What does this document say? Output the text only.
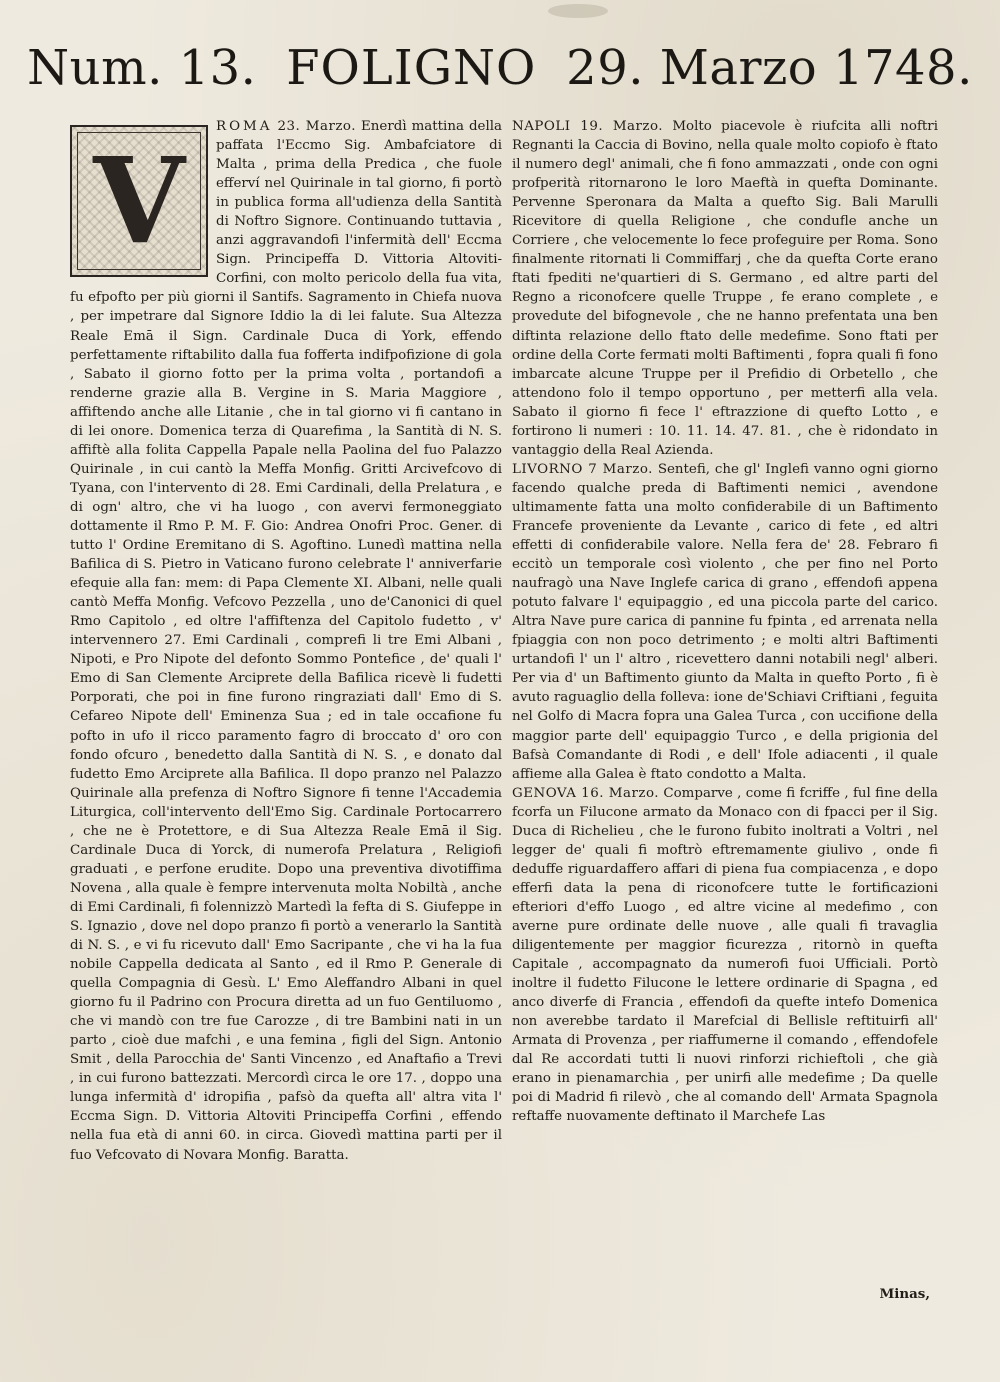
Num. 13. FOLIGNO 29. Marzo 1748.

V
ROMA 23. Marzo. Enerdì mattina della paffata l'Eccmo Sig. Ambafciatore di Malta , prima della Predica , che fuole efferví nel Quirinale in tal giorno, fi portò in publica forma all'udienza della Santità di Noftro Signore. Continuando tuttavia , anzi aggravandofi l'infermità dell' Eccma Sign. Principeffa D. Vittoria Altoviti-Corfini, con molto pericolo della fua vita, fu efpofto per più giorni il Santifs. Sagramento in Chiefa nuova , per impetrare dal Signore Iddio la di lei falute. Sua Altezza Reale Emā il Sign. Cardinale Duca di York, effendo perfettamente riftabilito dalla fua fofferta indifpofizione di gola , Sabato il giorno fotto per la prima volta , portandofi a renderne grazie alla B. Vergine in S. Maria Maggiore , affiftendo anche alle Litanie , che in tal giorno vi fi cantano in di lei onore. Domenica terza di Quarefima , la Santità di N. S. affiftè alla folita Cappella Papale nella Paolina del fuo Palazzo Quirinale , in cui cantò la Meffa Monfig. Gritti Arcivefcovo di Tyana, con l'intervento di 28. Emi Cardinali, della Prelatura , e di ogn' altro, che vi ha luogo , con avervi fermoneggiato dottamente il Rmo P. M. F. Gio: Andrea Onofri Proc. Gener. di tutto l' Ordine Eremitano di S. Agoftino. Lunedì mattina nella Bafilica di S. Pietro in Vaticano furono celebrate l' anniverfarie efequie alla fan: mem: di Papa Clemente XI. Albani, nelle quali cantò Meffa Monfig. Vefcovo Pezzella , uno de'Canonici di quel Rmo Capitolo , ed oltre l'affiftenza del Capitolo fudetto , v' intervennero 27. Emi Cardinali , comprefi li tre Emi Albani , Nipoti, e Pro Nipote del defonto Sommo Pontefice , de' quali l' Emo di San Clemente Arciprete della Bafilica ricevè li fudetti Porporati, che poi in fine furono ringraziati dall' Emo di S. Cefareo Nipote dell' Eminenza Sua ; ed in tale occafione fu pofto in ufo il ricco paramento fagro di broccato d' oro con fondo ofcuro , benedetto dalla Santità di N. S. , e donato dal fudetto Emo Arciprete alla Bafilica. Il dopo pranzo nel Palazzo Quirinale alla prefenza di Noftro Signore fi tenne l'Accademia Liturgica, coll'intervento dell'Emo Sig. Cardinale Portocarrero , che ne è Protettore, e di Sua Altezza Reale Emā il Sig. Cardinale Duca di Yorck, di numerofa Prelatura , Religiofi graduati , e perfone erudite. Dopo una preventiva divotiffima Novena , alla quale è fempre intervenuta molta Nobiltà , anche di Emi Cardinali, fi folennizzò Martedì la fefta di S. Giufeppe in S. Ignazio , dove nel dopo pranzo fi portò a venerarlo la Santità di N. S. , e vi fu ricevuto dall' Emo Sacripante , che vi ha la fua nobile Cappella dedicata al Santo , ed il Rmo P. Generale di quella Compagnia di Gesù. L' Emo Aleffandro Albani in quel giorno fu il Padrino con Procura diretta ad un fuo Gentiluomo , che vi mandò con tre fue Carozze , di tre Bambini nati in un parto , cioè due mafchi , e una femina , figli del Sign. Antonio Smit , della Parocchia de' Santi Vincenzo , ed Anaftafio a Trevi , in cui furono battezzati. Mercordì circa le ore 17. , doppo una lunga infermità d' idropifia , pafsò da quefta all' altra vita l' Eccma Sign. D. Vittoria Altoviti Principeffa Corfini , effendo nella fua età di anni 60. in circa. Giovedì mattina parti per il fuo Vefcovato di Novara Monfig. Baratta.

NAPOLI 19. Marzo. Molto piacevole è riufcita alli noftri Regnanti la Caccia di Bovino, nella quale molto copiofo è ftato il numero degl' animali, che fi fono ammazzati , onde con ogni profperità ritornarono le loro Maeftà in quefta Dominante. Pervenne Speronara da Malta a quefto Sig. Bali Marulli Ricevitore di quella Religione , che condufle anche un Corriere , che velocemente lo fece profeguire per Roma. Sono finalmente ritornati li Commiffarj , che da quefta Corte erano ftati fpediti ne'quartieri di S. Germano , ed altre parti del Regno a riconofcere quelle Truppe , fe erano complete , e provedute del bifognevole , che ne hanno prefentata una ben diftinta relazione dello ftato delle medefime. Sono ftati per ordine della Corte fermati molti Baftimenti , fopra quali fi fono imbarcate alcune Truppe per il Prefidio di Orbetello , che attendono folo il tempo opportuno , per metterfi alla vela. Sabato il giorno fi fece l' eftrazzione di quefto Lotto , e fortirono li numeri : 10. 11. 14. 47. 81. , che è ridondato in vantaggio della Real Azienda.

LIVORNO 7 Marzo. Sentefi, che gl' Inglefi vanno ogni giorno facendo qualche preda di Baftimenti nemici , avendone ultimamente fatta una molto confiderabile di un Baftimento Francefe proveniente da Levante , carico di fete , ed altri effetti di confiderabile valore. Nella fera de' 28. Febraro fi eccitò un temporale così violento , che per fino nel Porto naufragò una Nave Inglefe carica di grano , effendofi appena potuto falvare l' equipaggio , ed una piccola parte del carico. Altra Nave pure carica di pannine fu fpinta , ed arrenata nella fpiaggia con non poco detrimento ; e molti altri Baftimenti urtandofi l' un l' altro , ricevettero danni notabili negl' alberi. Per via d' un Baftimento giunto da Malta in quefto Porto , fi è avuto raguaglio della folleva: ione de'Schiavi Criftiani , feguita nel Golfo di Macra fopra una Galea Turca , con uccifione della maggior parte dell' equipaggio Turco , e della prigionia del Bafsà Comandante di Rodi , e dell' Ifole adiacenti , il quale affieme alla Galea è ftato condotto a Malta.

GENOVA 16. Marzo. Comparve , come fi fcriffe , ful fine della fcorfa un Filucone armato da Monaco con di fpacci per il Sig. Duca di Richelieu , che le furono fubito inoltrati a Voltri , nel legger de' quali fi moftrò eftremamente giulivo , onde fi deduffe riguardaffero affari di piena fua compiacenza , e dopo efferfi data la pena di riconofcere tutte le fortificazioni efteriori d'effo Luogo , ed altre vicine al medefimo , con averne pure ordinate delle nuove , alle quali fi travaglia diligentemente per maggior ficurezza , ritornò in quefta Capitale , accompagnato da numerofi fuoi Ufficiali. Portò inoltre il fudetto Filucone le lettere ordinarie di Spagna , ed anco diverfe di Francia , effendofi da quefte intefo Domenica non averebbe tardato il Marefcial di Bellisle reftituirfi all' Armata di Provenza , per riaffumerne il comando , effendofele dal Re accordati tutti li nuovi rinforzi richieftoli , che già erano in pienamarchia , per unirfi alle medefime ; Da quelle poi di Madrid fi rilevò , che al comando dell' Armata Spagnola reftaffe nuovamente deftinato il Marchefe Las

Minas,
